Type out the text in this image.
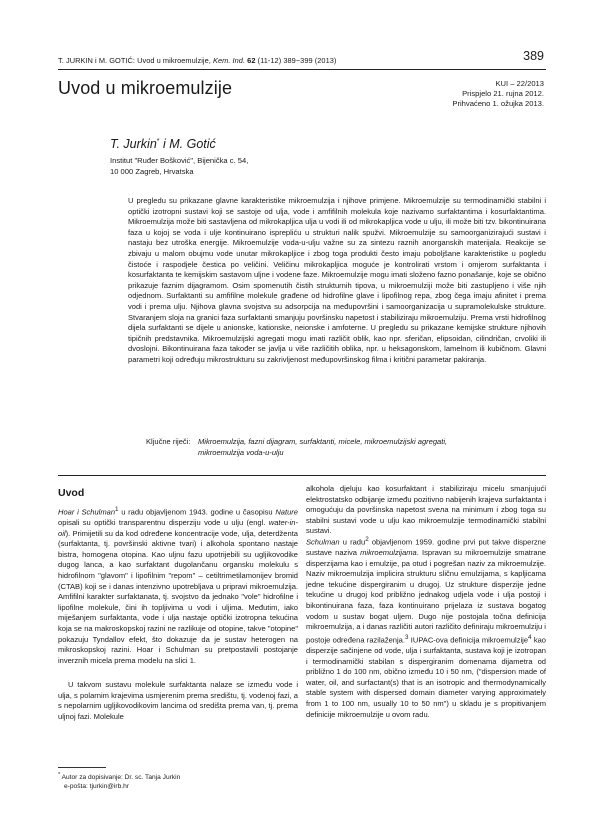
T. JURKIN i M. GOTIĆ: Uvod u mikroemulzije, Kem. Ind. 62 (11-12) 389−399 (2013)	389
Uvod u mikroemulzije	KUI – 22/2013
Prispjelo 21. rujna 2012.
Prihvaćeno 1. ožujka 2013.
T. Jurkin* i M. Gotić
Institut "Ruđer Bošković", Bijenička c. 54,
10 000 Zagreb, Hrvatska

U pregledu su prikazane glavne karakteristike mikroemulzija i njihove primjene. Mikroemulzije su termodinamički stabilni i optički izotropni sustavi koji se sastoje od ulja, vode i amfifilnih molekula koje nazivamo surfaktantima i kosurfaktantima. Mikroemulzija može biti sastavljena od mikrokapljica ulja u vodi ili od mikrokapljica vode u ulju, ili može biti tzv. bikontinuirana faza u kojoj se voda i ulje kontinuirano isprepliću u strukturi nalik spužvi. Mikroemulzije su samoorganizirajući sustavi i nastaju bez utroška energije. Mikroemulzije voda-u-ulju važne su za sintezu raznih anorganskih materijala. Reakcije se zbivaju u malom obujmu vode unutar mikrokapljice i zbog toga produkti često imaju poboljšane karakteristike u pogledu čistoće i raspodjele čestica po veličini. Veličinu mikrokapljica moguće je kontrolirati vrstom i omjerom surfaktanta i kosurfaktanta te kemijskim sastavom uljne i vodene faze. Mikroemulzije mogu imati složeno fazno ponašanje, koje se obično prikazuje faznim dijagramom. Osim spomenutih čistih strukturnih tipova, u mikroemulziji može biti zastupljeno i više njih odjednom. Surfaktanti su amfifilne molekule građene od hidrofilne glave i lipofilnog repa, zbog čega imaju afinitet i prema vodi i prema ulju. Njihova glavna svojstva su adsorpcija na međupovršini i samoorganizacija u supramolekulske strukture. Stvaranjem sloja na granici faza surfaktanti smanjuju površinsku napetost i stabiliziraju mikroemulziju. Prema vrsti hidrofilnog dijela surfaktanti se dijele u anionske, kationske, neionske i amfoterne. U pregledu su prikazane kemijske strukture njihovih tipičnih predstavnika. Mikroemulzijski agregati mogu imati različit oblik, kao npr. sferičan, elipsoidan, cilindričan, crvoliki ili dvoslojni. Bikontinuirana faza također se javlja u više različitih oblika, npr. u heksagonskom, lamelnom ili kubičnom. Glavni parametri koji određuju mikrostrukturu su zakrivljenost međupovršinskog filma i kritični parametar pakiranja.

Ključne riječi: Mikroemulzija, fazni dijagram, surfaktanti, micele, mikroemulzijski agregati,
mikroemulzija voda-u-ulju
Uvod

Hoar i Schulman$^1$ u radu objavljenom 1943. godine u časopisu Nature opisali su optički transparentnu disperziju vode u ulju (engl. water-in-oil). Primijetili su da kod određene koncentracije vode, ulja, deterdženta (surfaktanta, tj. površinski aktivne tvari) i alkohola spontano nastaje bistra, homogena otopina. Kao uljnu fazu upotrijebili su ugljikovodike dugog lanca, a kao surfaktant dugolančanu organsku molekulu s hidrofilnom "glavom" i lipofilnim "repom" – cetiltrimetilamonijev bromid (CTAB) koji se i danas intenzivno upotrebljava u pripravi mikroemulzija. Amfifilni karakter surfaktanata, tj. svojstvo da jednako "vole" hidrofilne i lipofilne molekule, čini ih topljivima u vodi i uljima. Međutim, iako miješanjem surfaktanta, vode i ulja nastaje optički izotropna tekućina koja se na makroskopskoj razini ne razlikuje od otopine, takve "otopine" pokazuju Tyndallov efekt, što dokazuje da je sustav heterogen na mikroskopskoj razini. Hoar i Schulman su pretpostavili postojanje inverznih micela prema modelu na slici 1.

U takvom sustavu molekule surfaktanta nalaze se između vode i ulja, s polarnim krajevima usmjerenim prema središtu, tj. vodenoj fazi, a s nepolarnim ugljikovodikovim lancima od središta prema van, tj. prema uljnoj fazi. Molekule

alkohola djeluju kao kosurfaktant i stabiliziraju micelu smanjujući elektrostatsko odbijanje između pozitivno nabijenih krajeva surfaktanta i omogućuju da površinska napetost sveла na minimum i zbog toga su stabilni sustavi vode u ulju kao mikroemulzije termodinamički stabilni sustavi.

Schulman u radu$^2$ objavljenom 1959. godine prvi put takve disperzne sustave naziva mikroemulzijama. Ispravan su mikroemulzije smatrane disperzijama kao i emulzije, pa otud i pogrešan naziv za mikroemulzije. Naziv mikroemulzija implicira strukturu sličnu emulzijama, s kapljicama jedne tekućine dispergiranim u drugoj. Uz strukture disperzije jedne tekućine u drugoj kod približno jednakog udjela vode i ulja postoji i bikontinuirana faza, faza kontinuirano prijelaza iz sustava bogatog vodom u sustav bogat uljem. Dugo nije postojala točna definicija mikroemulzija, a i danas različiti autori različito definiraju mikroemulziju i postoje određena razilaženja.$^3$ IUPAC-ova definicija mikroemulzije$^4$ kao disperzije sačinjene od vode, ulja i surfaktanta, sustava koji je izotropan i termodinamički stabilan s dispergiranim domenama dijametra od približno 1 do 100 nm, obično između 10 i 50 nm, ("dispersion made of water, oil, and surfactant(s) that is an isotropic and thermodynamically stable system with dispersed domain diameter varying approximately from 1 to 100 nm, usually 10 to 50 nm") u skladu je s propitivanjem definicije mikroemulzije u ovom radu.

* Autor za dopisivanje: Dr. sc. Tanja Jurkin
e-pošta: tjurkin@irb.hr
